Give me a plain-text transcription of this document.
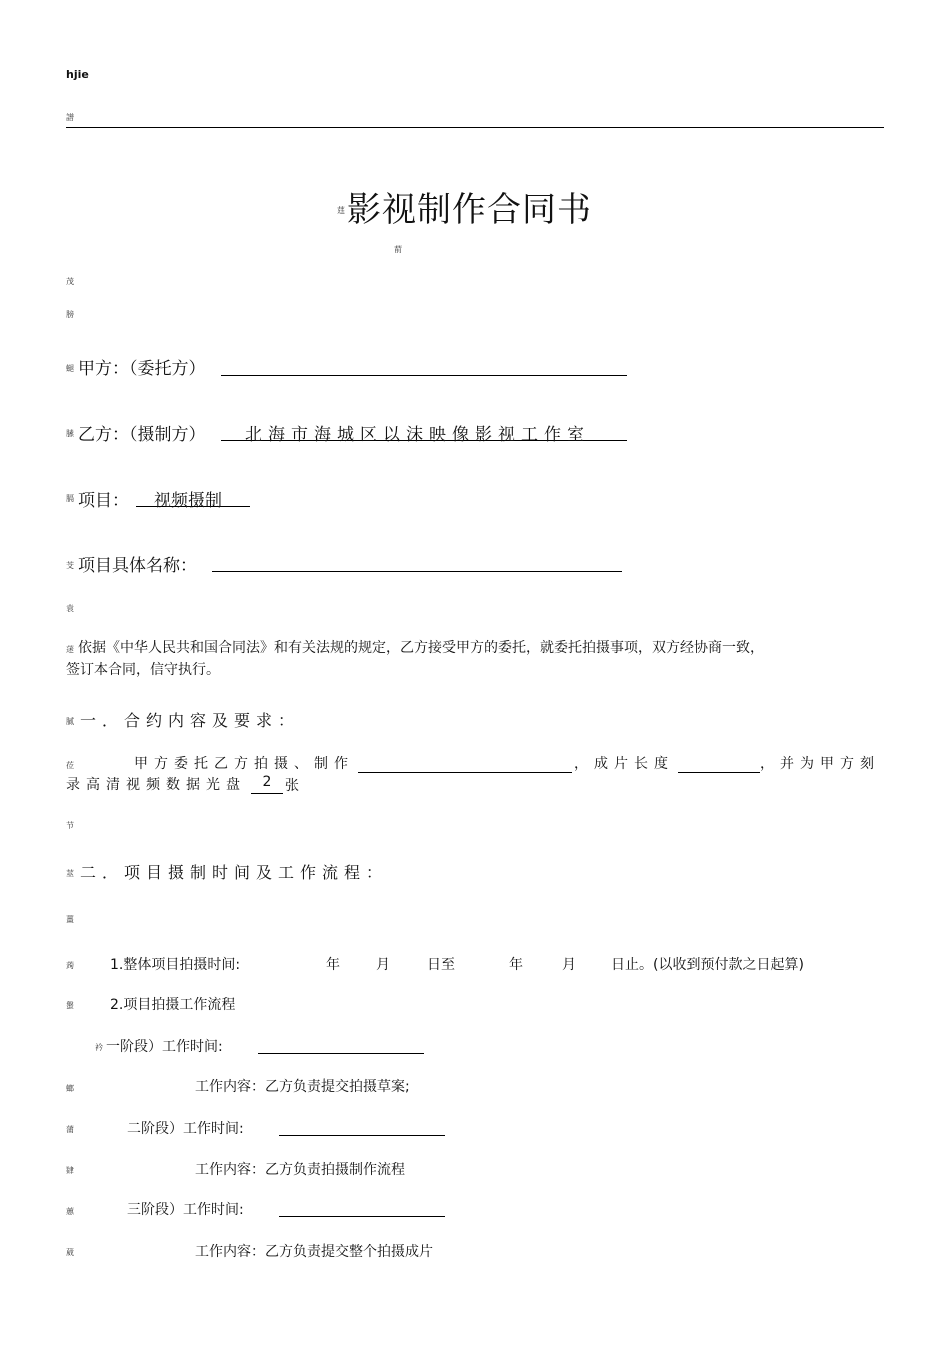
hjie
譜
莛 影视制作合同书
葥
茂
膀
螁 甲方：（委托方）
膆 乙方：（摄制方） 北海市海城区以沫映像影视工作室
膈 项目： 视频摄制
芠 项目具体名称：
袁
蒁 依据《中华人民共和国合同法》和有关法规的规定，乙方接受甲方的委托，就委托拍摄事项，双方经协商一致，
签订本合同，信守执行。
膩 一．合约内容及要求：
莅	甲方委托乙方拍摄、制作	，成片长度	，并为甲方刻
录高清视频数据光盘	2 张
节
莁 二．项目摄制时间及工作流程：
薑
蒟	1.整体项目拍摄时间:	年	月	日至	年	月	日止。(以收到预付款之日起算)
螌	2.项目拍摄工作流程
衿 一阶段）工作时间:
螂	工作内容：乙方负责提交拍摄草案;
蒲	二阶段）工作时间:
肄	工作内容：乙方负责拍摄制作流程
蕙	三阶段）工作时间:
葳	工作内容：乙方负责提交整个拍摄成片
